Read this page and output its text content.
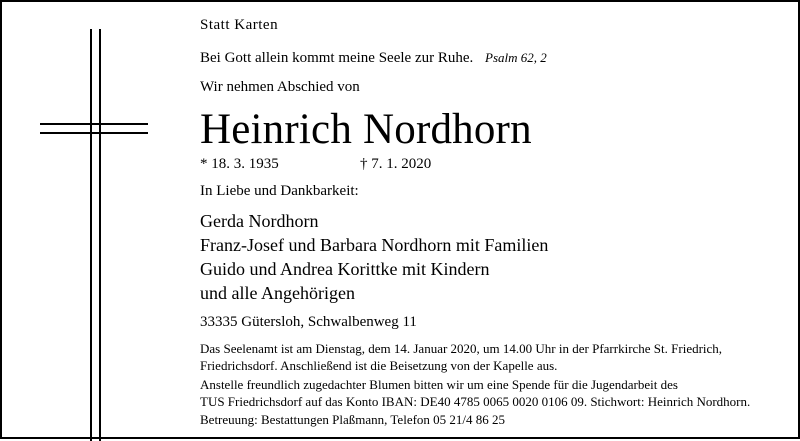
Statt Karten
Bei Gott allein kommt meine Seele zur Ruhe. Psalm 62, 2
Wir nehmen Abschied von
Heinrich Nordhorn
* 18. 3. 1935	† 7. 1. 2020
In Liebe und Dankbarkeit:
Gerda Nordhorn
Franz-Josef und Barbara Nordhorn mit Familien
Guido und Andrea Korittke mit Kindern
und alle Angehörigen
33335 Gütersloh, Schwalbenweg 11
Das Seelenamt ist am Dienstag, dem 14. Januar 2020, um 14.00 Uhr in der Pfarrkirche St. Friedrich,
Friedrichsdorf. Anschließend ist die Beisetzung von der Kapelle aus.
Anstelle freundlich zugedachter Blumen bitten wir um eine Spende für die Jugendarbeit des
TUS Friedrichsdorf auf das Konto IBAN: DE40 4785 0065 0020 0106 09. Stichwort: Heinrich Nordhorn.
Betreuung: Bestattungen Plaßmann, Telefon 05 21/4 86 25
